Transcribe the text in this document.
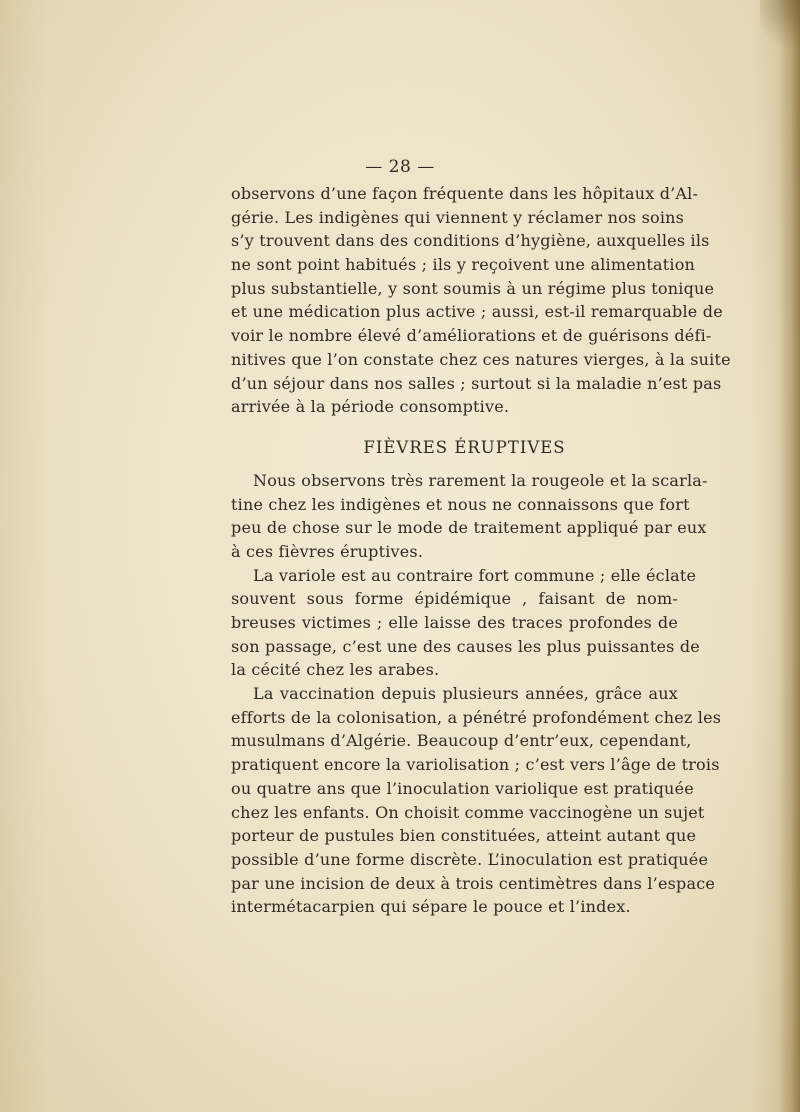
— 28 —
observons d’une façon fréquente dans les hôpitaux d’Al-
gérie. Les indigènes qui viennent y réclamer nos soins
s’y trouvent dans des conditions d’hygiène, auxquelles ils
ne sont point habitués ; ils y reçoivent une alimentation
plus substantielle, y sont soumis à un régime plus tonique
et une médication plus active ; aussi, est-il remarquable de
voir le nombre élevé d’améliorations et de guérisons défi-
nitives que l’on constate chez ces natures vierges, à la suite
d’un séjour dans nos salles ; surtout si la maladie n’est pas
arrivée à la période consomptive.
FIÈVRES ÉRUPTIVES
Nous observons très rarement la rougeole et la scarla-
tine chez les indigènes et nous ne connaissons que fort
peu de chose sur le mode de traitement appliqué par eux
à ces fièvres éruptives.
La variole est au contraire fort commune ; elle éclate
souvent sous forme épidémique , faisant de nom-
breuses victimes ; elle laisse des traces profondes de
son passage, c’est une des causes les plus puissantes de
la cécité chez les arabes.
La vaccination depuis plusieurs années, grâce aux
efforts de la colonisation, a pénétré profondément chez les
musulmans d’Algérie. Beaucoup d’entr’eux, cependant,
pratiquent encore la variolisation ; c’est vers l’âge de trois
ou quatre ans que l’inoculation variolique est pratiquée
chez les enfants. On choisit comme vaccinogène un sujet
porteur de pustules bien constituées, atteint autant que
possible d’une forme discrète. L’inoculation est pratiquée
par une incision de deux à trois centimètres dans l’espace
intermétacarpien qui sépare le pouce et l’index.
